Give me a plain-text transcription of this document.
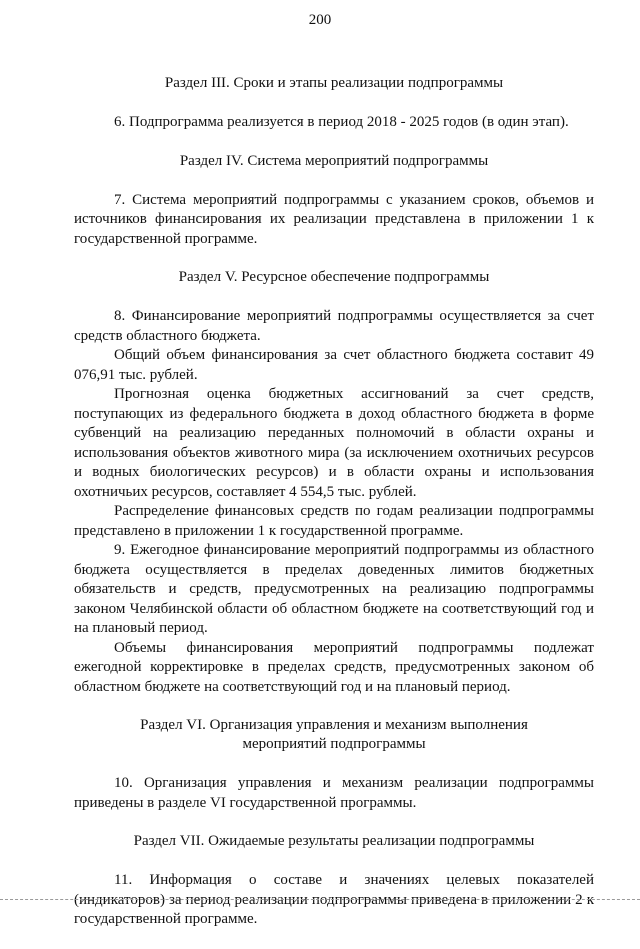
200
Раздел III. Сроки и этапы реализации подпрограммы

6. Подпрограмма реализуется в период 2018 - 2025 годов (в один этап).

Раздел IV. Система мероприятий подпрограммы

7. Система мероприятий подпрограммы с указанием сроков, объемов и источников финансирования их реализации представлена в приложении 1 к государственной программе.

Раздел V. Ресурсное обеспечение подпрограммы

8. Финансирование мероприятий подпрограммы осуществляется за счет средств областного бюджета.

Общий объем финансирования за счет областного бюджета составит 49 076,91 тыс. рублей.

Прогнозная оценка бюджетных ассигнований за счет средств, поступающих из федерального бюджета в доход областного бюджета в форме субвенций на реализацию переданных полномочий в области охраны и использования объектов животного мира (за исключением охотничьих ресурсов и водных биологических ресурсов) и в области охраны и использования охотничьих ресурсов, составляет 4 554,5 тыс. рублей.

Распределение финансовых средств по годам реализации подпрограммы представлено в приложении 1 к государственной программе.

9. Ежегодное финансирование мероприятий подпрограммы из областного бюджета осуществляется в пределах доведенных лимитов бюджетных обязательств и средств, предусмотренных на реализацию подпрограммы законом Челябинской области об областном бюджете на соответствующий год и на плановый период.

Объемы финансирования мероприятий подпрограммы подлежат ежегодной корректировке в пределах средств, предусмотренных законом об областном бюджете на соответствующий год и на плановый период.

Раздел VI. Организация управления и механизм выполнения мероприятий подпрограммы

10. Организация управления и механизм реализации подпрограммы приведены в разделе VI государственной программы.

Раздел VII. Ожидаемые результаты реализации подпрограммы

11. Информация о составе и значениях целевых показателей (индикаторов) за период реализации подпрограммы приведена в приложении 2 к государственной программе.
